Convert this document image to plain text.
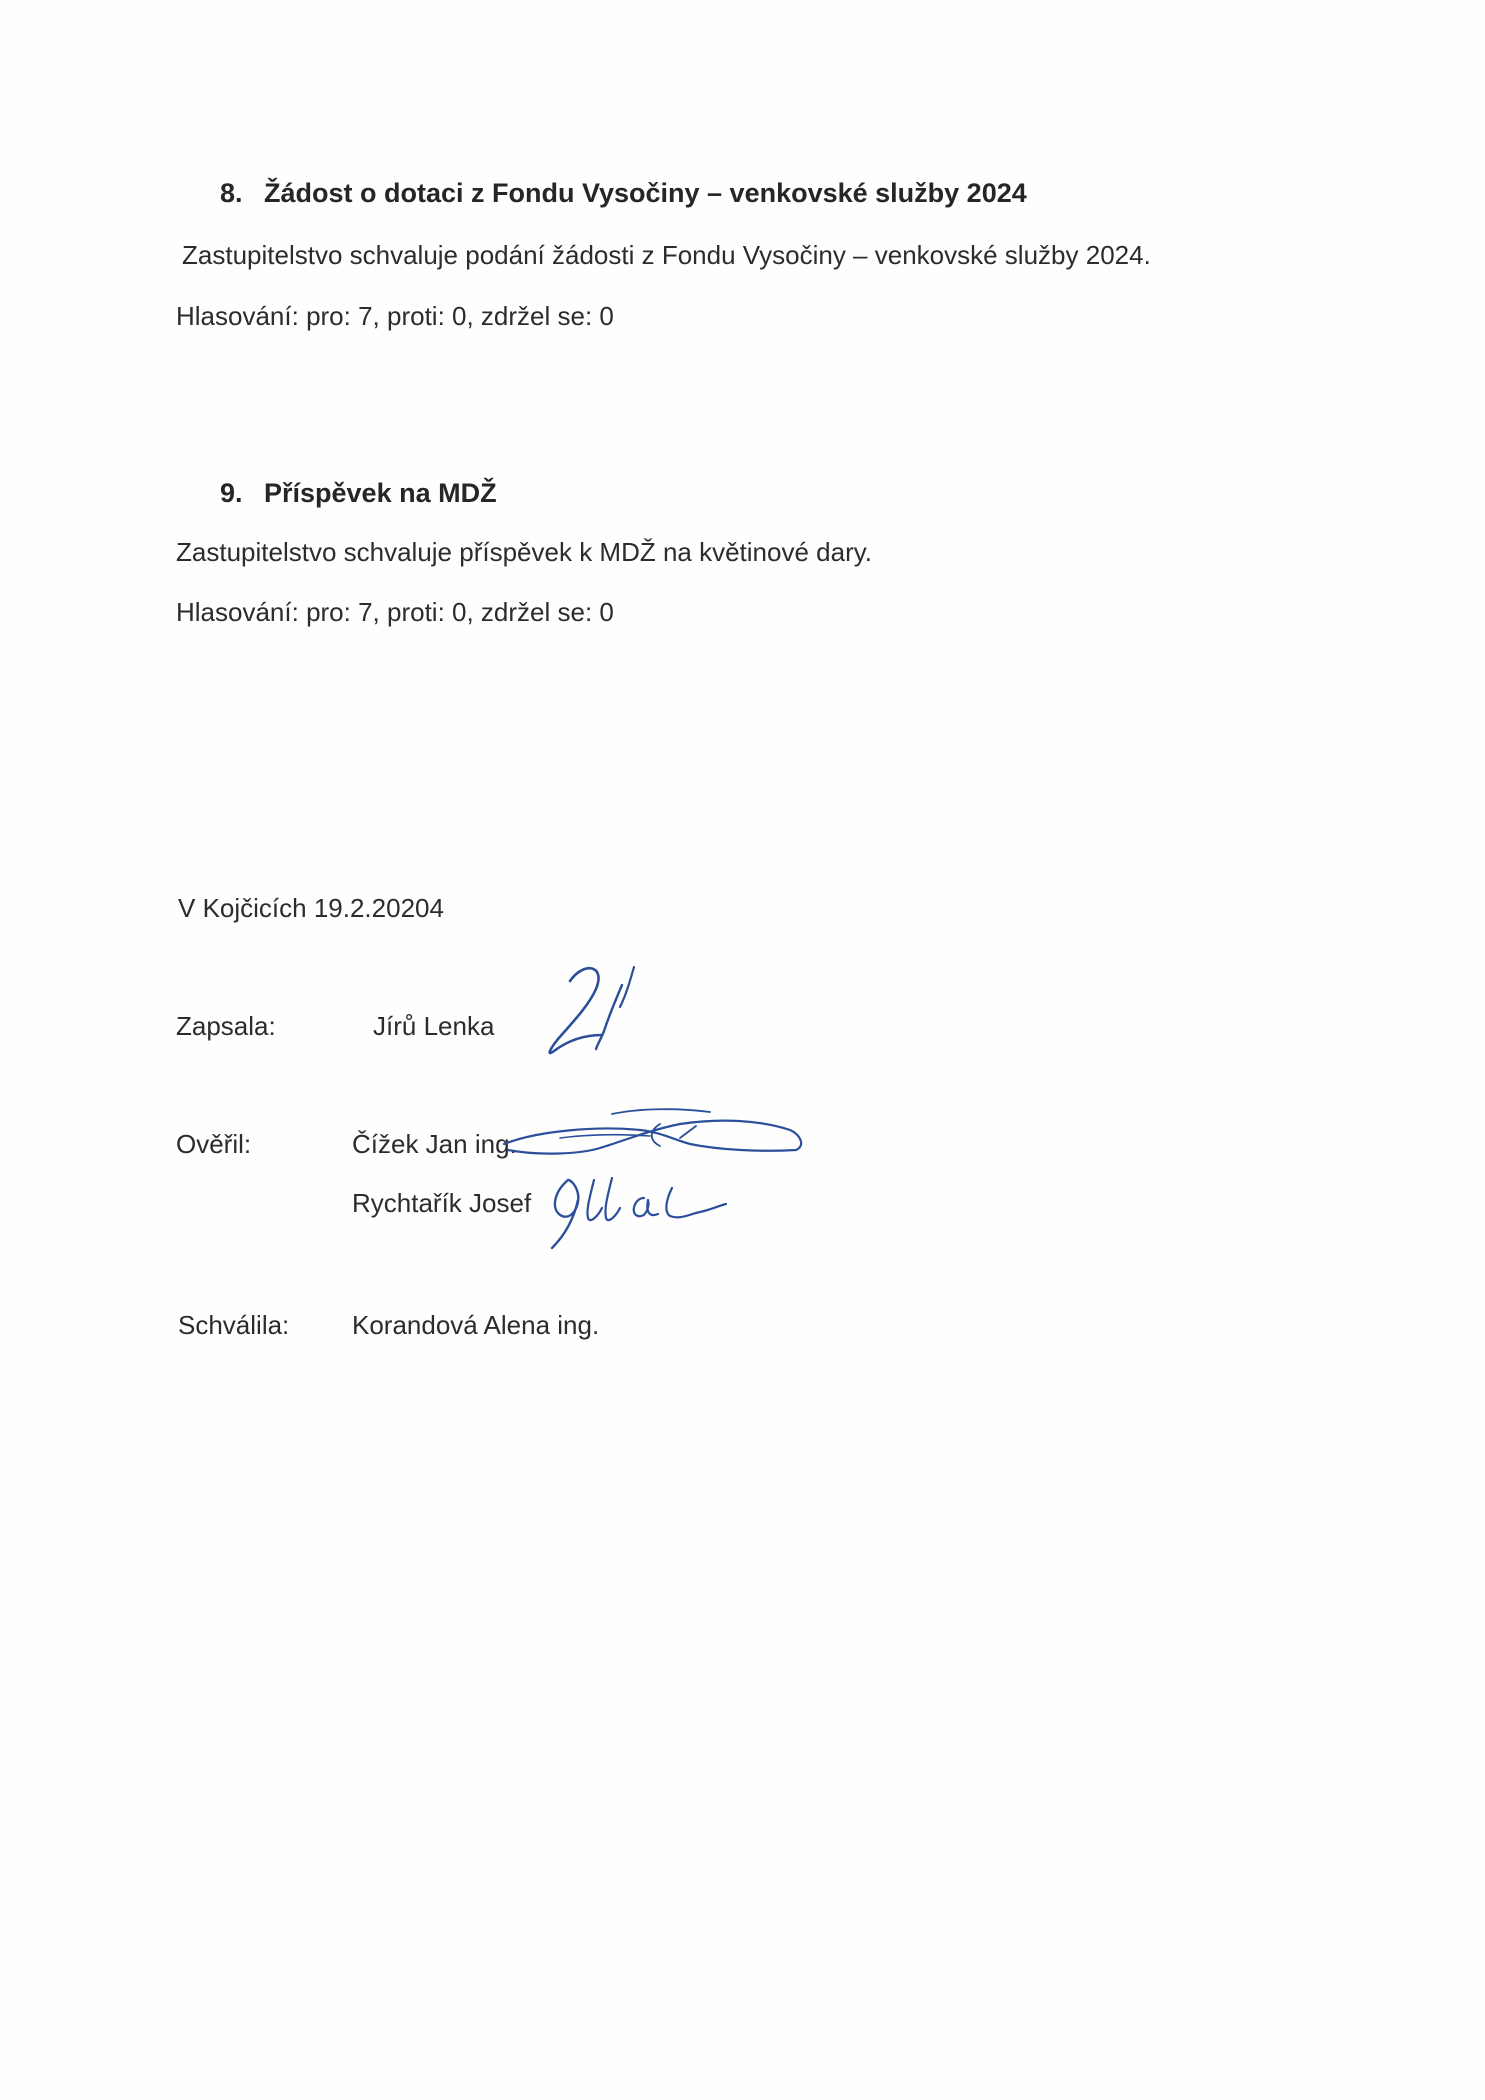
8. Žádost o dotaci z Fondu Vysočiny – venkovské služby 2024
Zastupitelstvo schvaluje podání žádosti z Fondu Vysočiny – venkovské služby 2024.
Hlasování: pro: 7, proti: 0, zdržel se: 0
9. Příspěvek na MDŽ
Zastupitelstvo schvaluje příspěvek k MDŽ na květinové dary.
Hlasování: pro: 7, proti: 0, zdržel se: 0
V Kojčicích 19.2.20204
Zapsala:	Jírů Lenka
Ověřil:	Čížek Jan ing.
Rychtařík Josef
Schválila: Korandová Alena ing.
